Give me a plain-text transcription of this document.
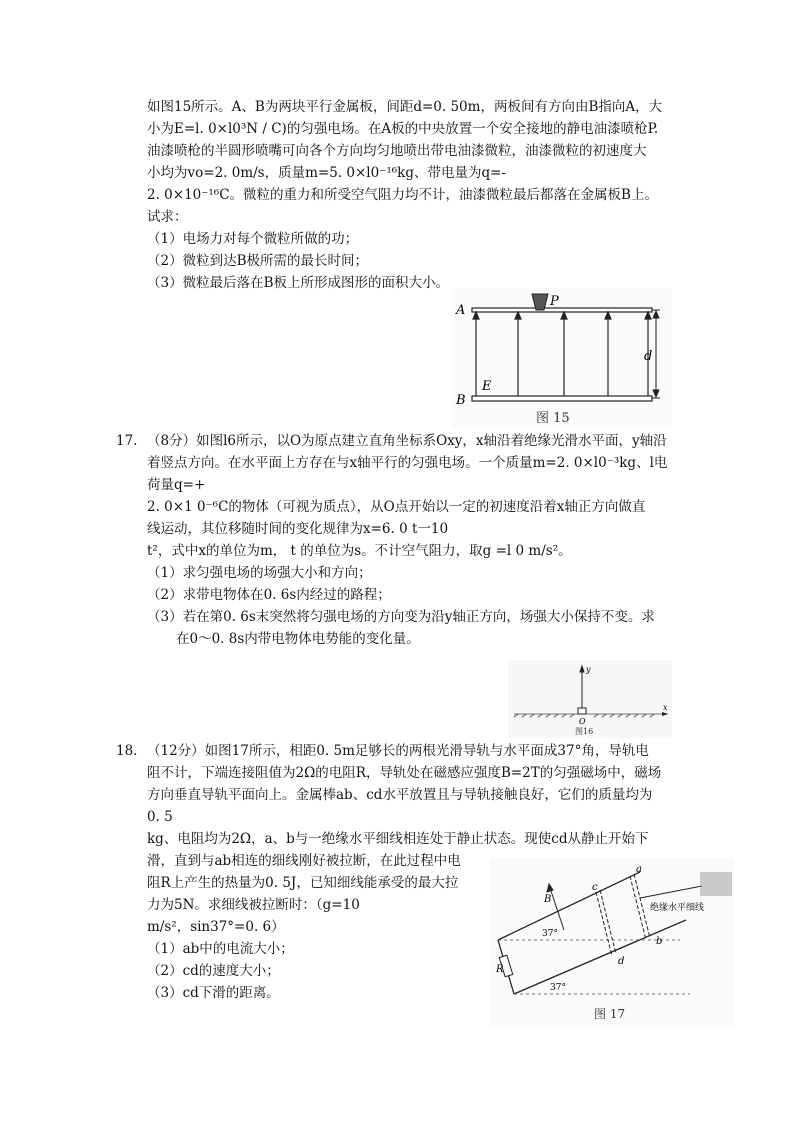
如图15所示。A、B为两块平行金属板，间距d=0. 50m，两板间有方向由B指向A，大
小为E=l. 0×l0³N / C)的匀强电场。在A板的中央放置一个安全接地的静电油漆喷枪P.
油漆喷枪的半圆形喷嘴可向各个方向均匀地喷出带电油漆微粒，油漆微粒的初速度大
小均为vo=2. 0m/s，质量m=5. 0×l0⁻¹⁶kg、带电量为q=-
2. 0×10⁻¹⁶C。微粒的重力和所受空气阻力均不计，油漆微粒最后都落在金属板B上。
试求：
（1）电场力对每个微粒所做的功；
（2）微粒到达B极所需的最长时间；
（3）微粒最后落在B板上所形成图形的面积大小。
A
B
P
E
d
图 15
17. （8分）如图l6所示，以O为原点建立直角坐标系Oxy，x轴沿着绝缘光滑水平面，y轴沿
着竖点方向。在水平面上方存在与x轴平行的匀强电场。一个质量m=2. 0×l0⁻³kg、l电
荷量q=+
2. 0×1 0⁻⁶C的物体（可视为质点），从O点开始以一定的初速度沿着x轴正方向做直
线运动，其位移随时间的变化规律为x=6. 0 t一10
t²，式中x的单位为m， t 的单位为s。不计空气阻力，取g =l 0 m/s²。
（1）求匀强电场的场强大小和方向；
（2）求带电物体在0. 6s内经过的路程；
（3）若在第0. 6s末突然将匀强电场的方向变为沿y轴正方向，场强大小保持不变。求
在0～0. 8s内带电物体电势能的变化量。
y
x
O
图16
18. （12分）如图17所示，相距0. 5m足够长的两根光滑导轨与水平面成37°角，导轨电
阻不计，下端连接阻值为2Ω的电阻R，导轨处在磁感应强度B=2T的匀强磁场中，磁场
方向垂直导轨平面向上。金属棒ab、cd水平放置且与导轨接触良好，它们的质量均为
0. 5
kg、电阻均为2Ω，a、b与一绝缘水平细线相连处于静止状态。现使cd从静止开始下
滑，直到与ab相连的细线刚好被拉断，在此过程中电
阻R上产生的热量为0. 5J，已知细线能承受的最大拉
力为5N。求细线被拉断时：（g=10
m/s²，sin37°=0. 6）
（1）ab中的电流大小；
（2）cd的速度大小；
（3）cd下滑的距离。
绝缘水平细线
37°
37°
a
b
c
d
B
R
图 17
